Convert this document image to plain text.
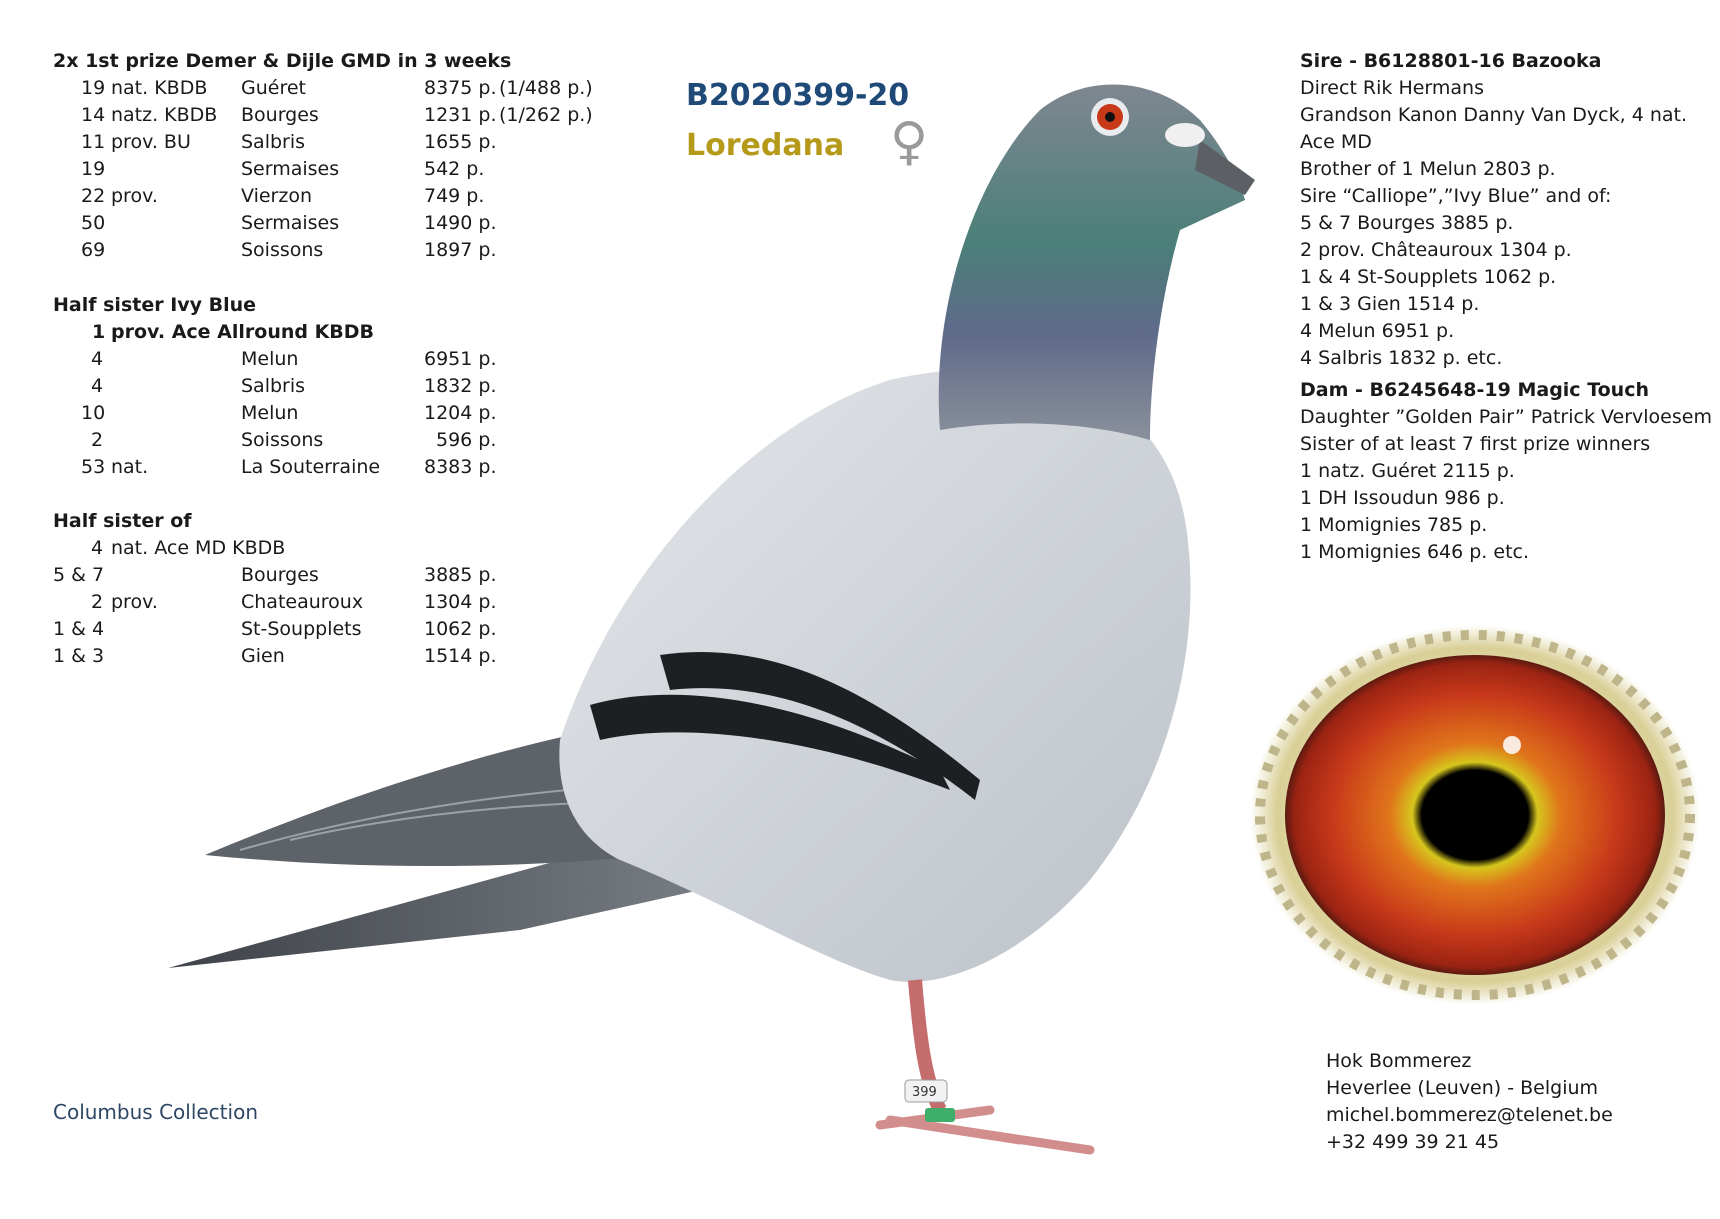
2x 1st prize Demer & Dijle GMD in 3 weeks
19 nat. KBDB Guéret	8375 p. (1/488 p.)
14 natz. KBDB Bourges	1231 p. (1/262 p.)
11 prov. BU	Salbris	1655 p.
19	Sermaises	542 p.
22 prov.	Vierzon	749 p.
50	Sermaises	1490 p.
69	Soissons	1897 p.
Half sister Ivy Blue
1 prov. Ace Allround KBDB
4	Melun	6951 p.
4	Salbris	1832 p.
10	Melun	1204 p.
2	Soissons	596 p.
53 nat.	La Souterraine 8383 p.
Half sister of
4 nat. Ace MD KBDB
5 & 7	Bourges	3885 p.
2 prov.	Chateauroux	1304 p.
1 & 4	St-Soupplets	1062 p.
1 & 3	Gien	1514 p.
Columbus Collection
B2020399-20
Loredana ♀
399
Sire - B6128801-16 Bazooka
Direct Rik Hermans
Grandson Kanon Danny Van Dyck, 4 nat.
Ace MD
Brother of 1 Melun 2803 p.
Sire “Calliope”,”Ivy Blue” and of:
5 & 7 Bourges 3885 p.
2 prov. Châteauroux 1304 p.
1 & 4 St-Soupplets 1062 p.
1 & 3 Gien 1514 p.
4 Melun 6951 p.
4 Salbris 1832 p. etc.
Dam - B6245648-19 Magic Touch
Daughter ”Golden Pair” Patrick Vervloesem
Sister of at least 7 first prize winners
1 natz. Guéret 2115 p.
1 DH Issoudun 986 p.
1 Momignies 785 p.
1 Momignies 646 p. etc.
Hok Bommerez
Heverlee (Leuven) - Belgium
michel.bommerez@telenet.be
+32 499 39 21 45
